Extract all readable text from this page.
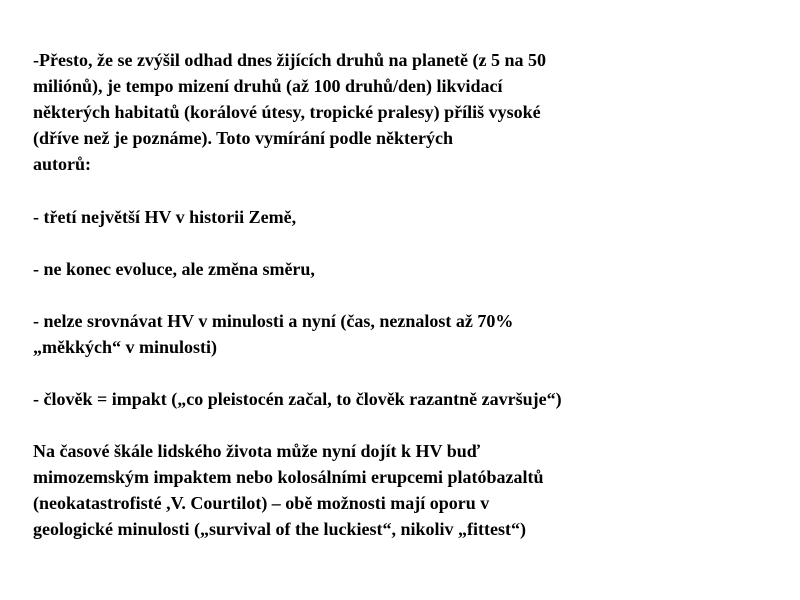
-Přesto, že se zvýšil odhad dnes žijících druhů na planetě (z 5 na 50
miliónů), je tempo mizení druhů (až 100 druhů/den) likvidací
některých habitatů (korálové útesy, tropické pralesy) příliš vysoké
(dříve než je poznáme). Toto vymírání podle některých
autorů:
- třetí největší HV v historii Země,
- ne konec evoluce, ale změna směru,
- nelze srovnávat HV v minulosti a nyní (čas, neznalost až 70%
„měkkých“ v minulosti)
- člověk = impakt („co pleistocén začal, to člověk razantně završuje“)
Na časové škále lidského života může nyní dojít k HV buď
mimozemským impaktem nebo kolosálními erupcemi platóbazaltů
(neokatastrofisté ,V. Courtilot) – obě možnosti mají oporu v
geologické minulosti („survival of the luckiest“, nikoliv „fittest“)
